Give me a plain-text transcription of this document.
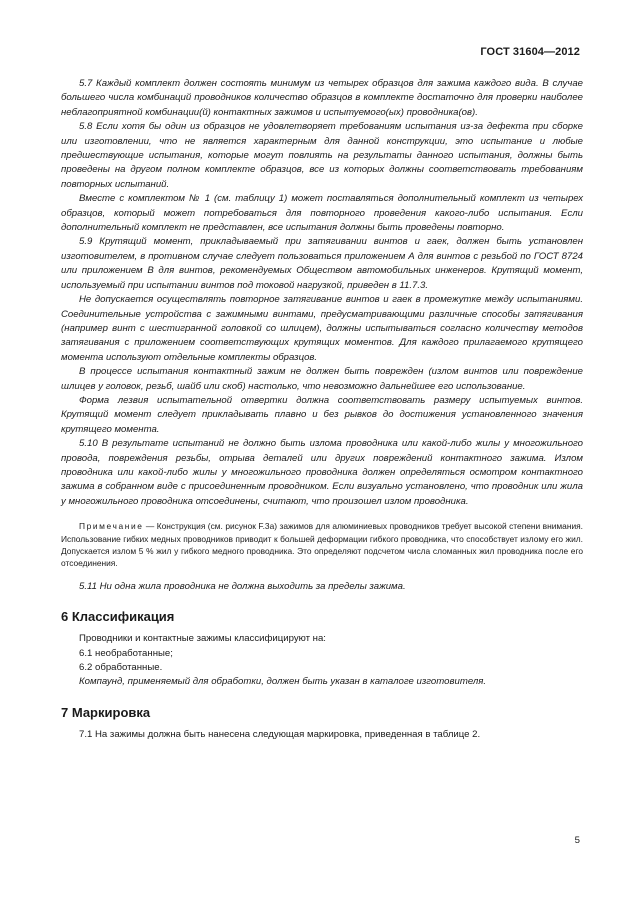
ГОСТ 31604—2012

5.7 Каждый комплект должен состоять минимум из четырех образцов для зажима каждого вида. В случае большего числа комбинаций проводников количество образцов в комплекте достаточно для проверки наиболее неблагоприятной комбинации(й) контактных зажимов и испытуемого(ых) проводника(ов).

5.8 Если хотя бы один из образцов не удовлетворяет требованиям испытания из-за дефекта при сборке или изготовлении, что не является характерным для данной конструкции, это испытание и любые предшествующие испытания, которые могут повлиять на результаты данного испытания, должны быть проведены на другом полном комплекте образцов, все из которых должны соответствовать требованиям повторных испытаний.

Вместе с комплектом № 1 (см. таблицу 1) может поставляться дополнительный комплект из четырех образцов, который может потребоваться для повторного проведения какого-либо испытания. Если дополнительный комплект не представлен, все испытания должны быть проведены повторно.

5.9 Крутящий момент, прикладываемый при затягивании винтов и гаек, должен быть установлен изготовителем, в противном случае следует пользоваться приложением А для винтов с резьбой по ГОСТ 8724 или приложением В для винтов, рекомендуемых Обществом автомобильных инженеров. Крутящий момент, используемый при испытании винтов под токовой нагрузкой, приведен в 11.7.3.

Не допускается осуществлять повторное затягивание винтов и гаек в промежутке между испытаниями. Соединительные устройства с зажимными винтами, предусматривающими различные способы затягивания (например винт с шестигранной головкой со шлицем), должны испытываться согласно количеству методов затягивания с приложением соответствующих крутящих моментов. Для каждого прилагаемого крутящего момента используют отдельные комплекты образцов.

В процессе испытания контактный зажим не должен быть поврежден (излом винтов или повреждение шлицев у головок, резьб, шайб или скоб) настолько, что невозможно дальнейшее его использование.

Форма лезвия испытательной отвертки должна соответствовать размеру испытуемых винтов. Крутящий момент следует прикладывать плавно и без рывков до достижения установленного значения крутящего момента.

5.10 В результате испытаний не должно быть излома проводника или какой-либо жилы у многожильного провода, повреждения резьбы, отрыва деталей или других повреждений контактного зажима. Излом проводника или какой-либо жилы у многожильного проводника должен определяться осмотром контактного зажима в собранном виде с присоединенным проводником. Если визуально установлено, что проводник или жила у многожильного проводника отсоединены, считают, что произошел излом проводника.

Примечание — Конструкция (см. рисунок F.3a) зажимов для алюминиевых проводников требует высокой степени внимания. Использование гибких медных проводников приводит к большей деформации гибкого проводника, что способствует излому его жил. Допускается излом 5 % жил у гибкого медного проводника. Это определяют подсчетом числа сломанных жил проводника после его отсоединения.

5.11 Ни одна жила проводника не должна выходить за пределы зажима.

6 Классификация

Проводники и контактные зажимы классифицируют на:

6.1 необработанные;

6.2 обработанные.

Компаунд, применяемый для обработки, должен быть указан в каталоге изготовителя.

7 Маркировка

7.1 На зажимы должна быть нанесена следующая маркировка, приведенная в таблице 2.

5
